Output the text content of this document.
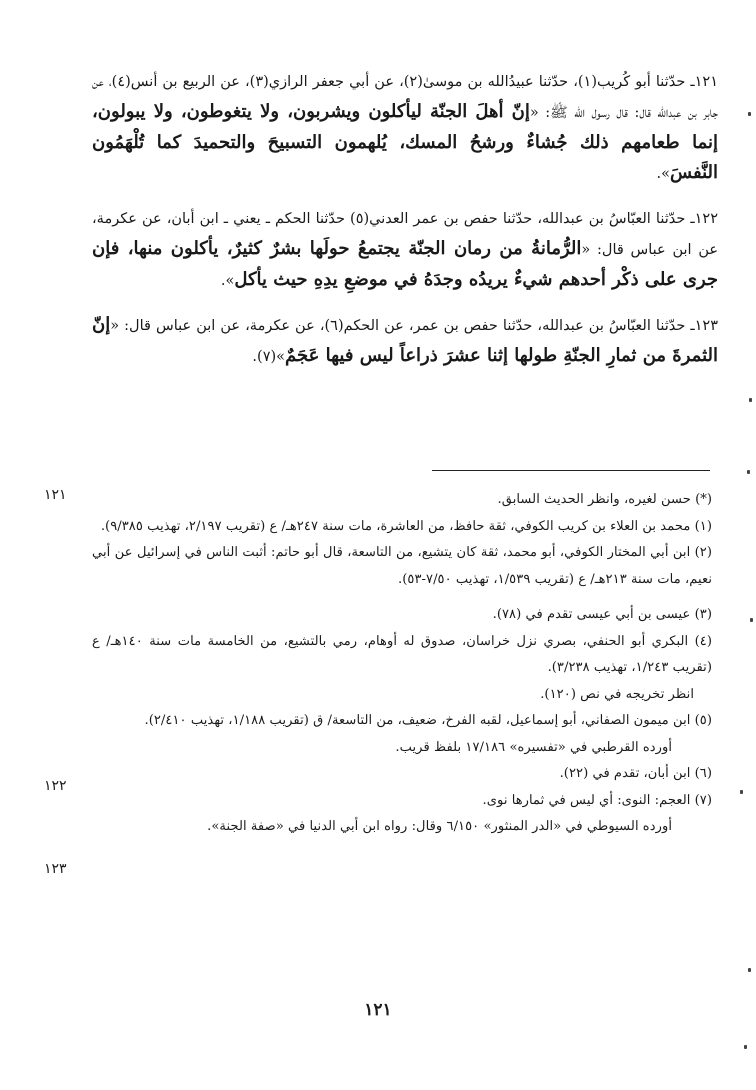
١٢١ـ حدّثنا أبو كُريب(١)، حدّثنا عبيدُالله بن موسىٰ(٢)، عن أبي جعفر الرازي(٣)، عن الربيع بن أنس(٤)، عن جابر بن عبدالله قال: قال رسول الله ﷺ: «إنّ أهلَ الجنّة ليأكلون ويشربون، ولا يتغوطون، ولا يبولون، إنما طعامهم ذلك جُشاءٌ ورشحُ المسك، يُلهمون التسبيحَ والتحميدَ كما تُلْهَمُون النَّفسَ».

١٢٢ـ حدّثنا العبّاسُ بن عبدالله، حدّثنا حفص بن عمر العدني(٥) حدّثنا الحكم ـ يعني ـ ابن أبان، عن عكرمة، عن ابن عباس قال: «الرُّمانةُ من رمان الجنّة يجتمعُ حولَها بشرٌ كثيرٌ، يأكلون منها، فإن جرى على ذكْر أحدهم شيءٌ يريدُه وجدَهُ في موضعِ يدِهِ حيث يأكل».

١٢٣ـ حدّثنا العبّاسُ بن عبدالله، حدّثنا حفص بن عمر، عن الحكم(٦)، عن عكرمة، عن ابن عباس قال: «إنّ الثمرةَ من ثمارِ الجنّةِ طولها إثنا عشرَ ذراعاً ليس فيها عَجَمٌ»(٧).

(*) حسن لغيره، وانظر الحديث السابق.

(١) محمد بن العلاء بن كريب الكوفي، ثقة حافظ، من العاشرة، مات سنة ٢٤٧هـ/ ع (تقريب ٢/١٩٧، تهذيب ٩/٣٨٥).

(٢) ابن أبي المختار الكوفي، أبو محمد، ثقة كان يتشيع، من التاسعة، قال أبو حاتم: أثبت الناس في إسرائيل عن أبي نعيم، مات سنة ٢١٣هـ/ ع (تقريب ١/٥٣٩، تهذيب ٧/٥٠-٥٣).

(٣) عيسى بن أبي عيسى تقدم في (٧٨).

(٤) البكري أبو الحنفي، بصري نزل خراسان، صدوق له أوهام، رمي بالتشيع، من الخامسة مات سنة ١٤٠هـ/ ع (تقريب ١/٢٤٣، تهذيب ٣/٢٣٨).

انظر تخريجه في نص (١٢٠).

(٥) ابن ميمون الصفاني، أبو إسماعيل، لقبه الفرخ، ضعيف، من التاسعة/ ق (تقريب ١/١٨٨، تهذيب ٢/٤١٠).

أورده القرطبي في «تفسيره» ١٧/١٨٦ بلفظ قريب.

(٦) ابن أبان، تقدم في (٢٢).

(٧) العجم: النوى: أي ليس في ثمارها نوى.

أورده السيوطي في «الدر المنثور» ٦/١٥٠ وقال: رواه ابن أبي الدنيا في «صفة الجنة».

١٢١
١٢٢
١٢٣
١٢١
